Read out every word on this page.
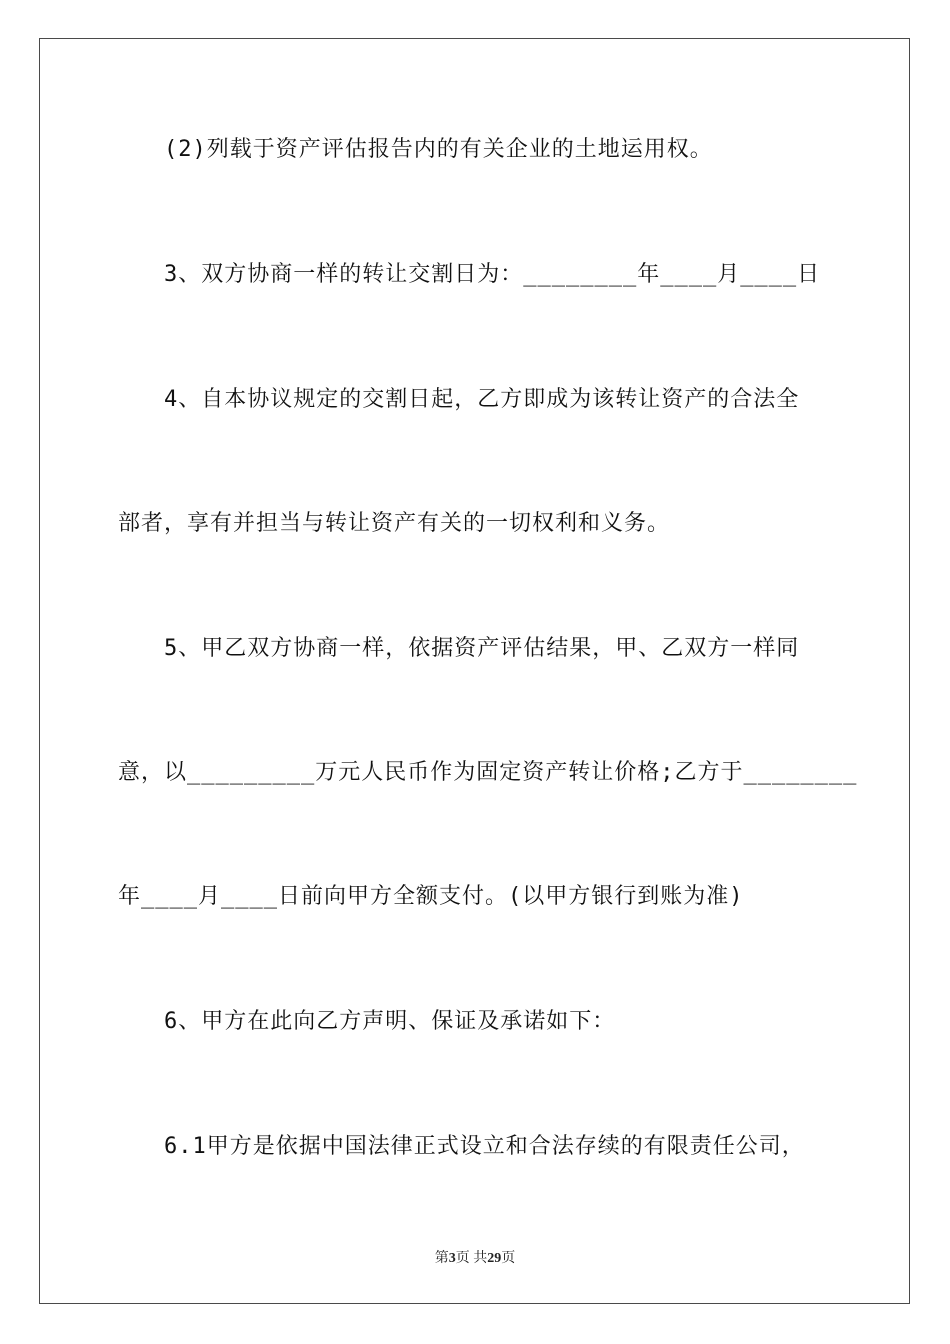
(2)列载于资产评估报告内的有关企业的土地运用权。
3、双方协商一样的转让交割日为：________年____月____日
4、自本协议规定的交割日起，乙方即成为该转让资产的合法全
部者，享有并担当与转让资产有关的一切权利和义务。
5、甲乙双方协商一样，依据资产评估结果，甲、乙双方一样同
意，以_________万元人民币作为固定资产转让价格;乙方于________
年____月____日前向甲方全额支付。(以甲方银行到账为准)
6、甲方在此向乙方声明、保证及承诺如下：
6.1甲方是依据中国法律正式设立和合法存续的有限责任公司，
第3页 共29页
